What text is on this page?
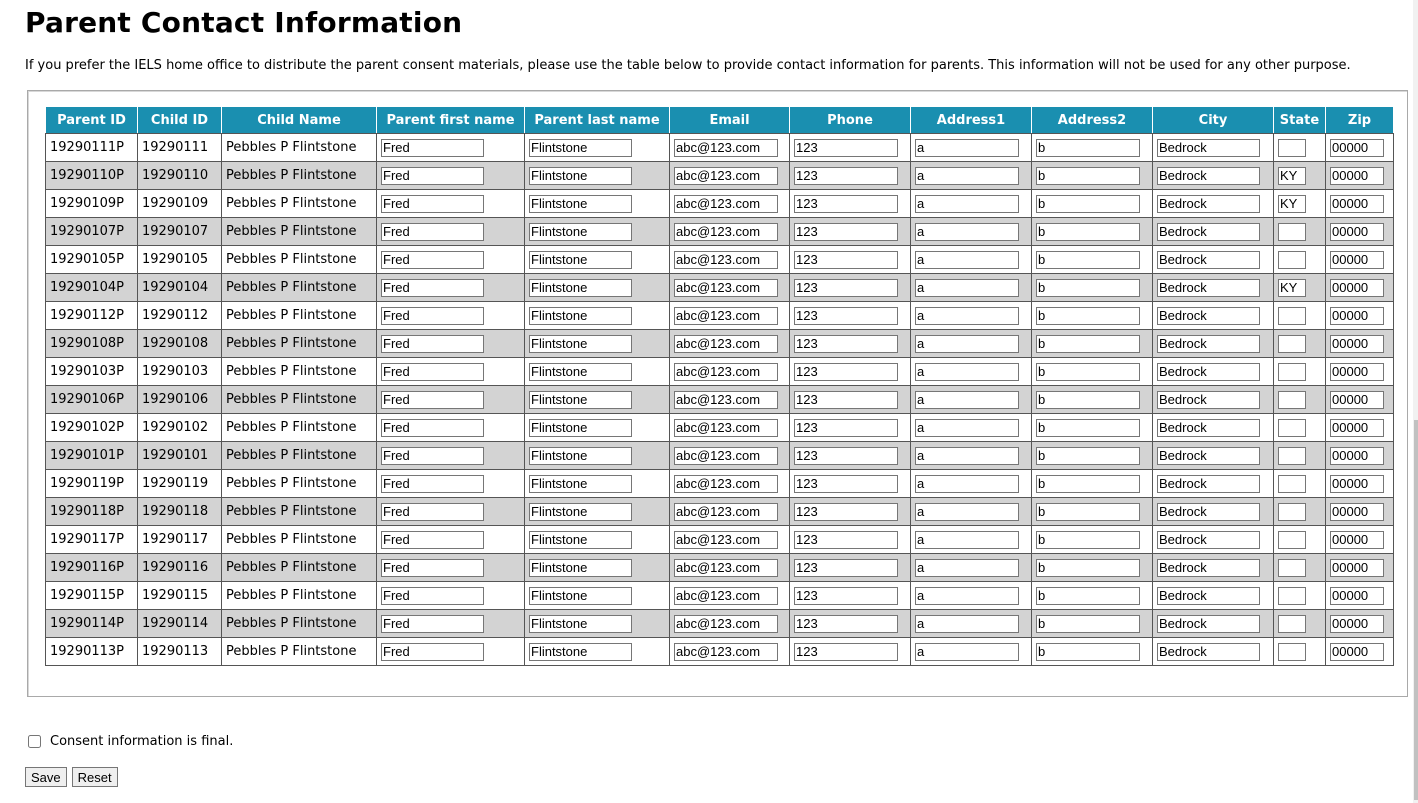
Parent Contact Information

If you prefer the IELS home office to distribute the parent consent materials, please use the table below to provide contact information for parents. This information will not be used for any other purpose.

Parent ID	Child ID	Child Name	Parent first name	Parent last name	Email	Phone	Address1	Address2	City	State	Zip
19290111P	19290111	Pebbles P Flintstone	Fred	Flintstone	abc@123.com	123	a	b	Bedrock		00000
19290110P	19290110	Pebbles P Flintstone	Fred	Flintstone	abc@123.com	123	a	b	Bedrock	KY	00000
19290109P	19290109	Pebbles P Flintstone	Fred	Flintstone	abc@123.com	123	a	b	Bedrock	KY	00000
19290107P	19290107	Pebbles P Flintstone	Fred	Flintstone	abc@123.com	123	a	b	Bedrock		00000
19290105P	19290105	Pebbles P Flintstone	Fred	Flintstone	abc@123.com	123	a	b	Bedrock		00000
19290104P	19290104	Pebbles P Flintstone	Fred	Flintstone	abc@123.com	123	a	b	Bedrock	KY	00000
19290112P	19290112	Pebbles P Flintstone	Fred	Flintstone	abc@123.com	123	a	b	Bedrock		00000
19290108P	19290108	Pebbles P Flintstone	Fred	Flintstone	abc@123.com	123	a	b	Bedrock		00000
19290103P	19290103	Pebbles P Flintstone	Fred	Flintstone	abc@123.com	123	a	b	Bedrock		00000
19290106P	19290106	Pebbles P Flintstone	Fred	Flintstone	abc@123.com	123	a	b	Bedrock		00000
19290102P	19290102	Pebbles P Flintstone	Fred	Flintstone	abc@123.com	123	a	b	Bedrock		00000
19290101P	19290101	Pebbles P Flintstone	Fred	Flintstone	abc@123.com	123	a	b	Bedrock		00000
19290119P	19290119	Pebbles P Flintstone	Fred	Flintstone	abc@123.com	123	a	b	Bedrock		00000
19290118P	19290118	Pebbles P Flintstone	Fred	Flintstone	abc@123.com	123	a	b	Bedrock		00000
19290117P	19290117	Pebbles P Flintstone	Fred	Flintstone	abc@123.com	123	a	b	Bedrock		00000
19290116P	19290116	Pebbles P Flintstone	Fred	Flintstone	abc@123.com	123	a	b	Bedrock		00000
19290115P	19290115	Pebbles P Flintstone	Fred	Flintstone	abc@123.com	123	a	b	Bedrock		00000
19290114P	19290114	Pebbles P Flintstone	Fred	Flintstone	abc@123.com	123	a	b	Bedrock		00000
19290113P	19290113	Pebbles P Flintstone	Fred	Flintstone	abc@123.com	123	a	b	Bedrock		00000
Consent information is final.
Save	Reset
